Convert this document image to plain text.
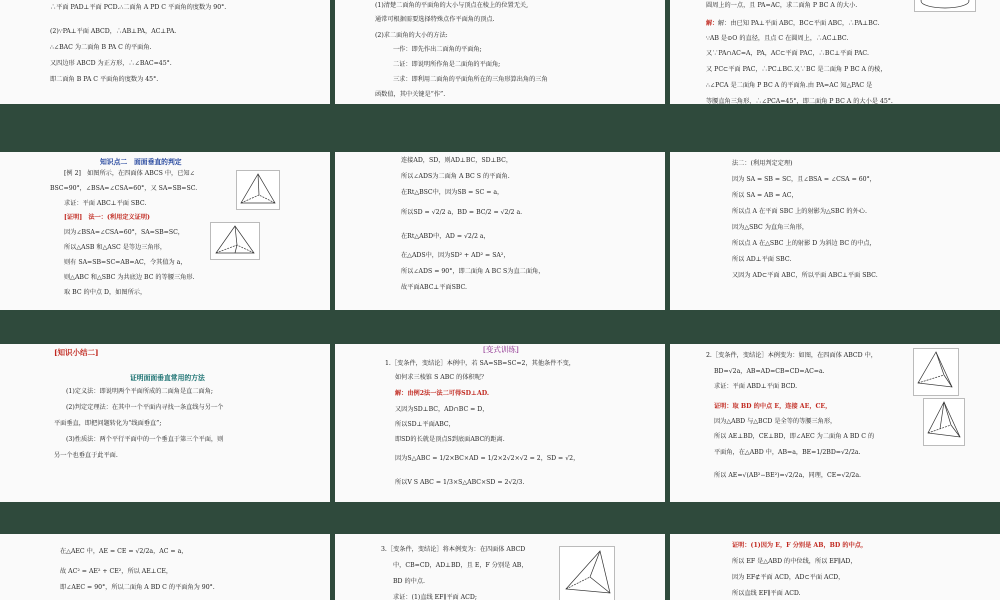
∴平面 PAD⊥平面 PCD.∴二面角 A PD C 平面角的度数为 90°.
(2)∵PA⊥平面 ABCD，∴AB⊥PA，AC⊥PA.
∴∠BAC 为二面角 B PA C 的平面角.
又四边形 ABCD 为正方形，∴∠BAC=45°.
即二面角 B PA C 平面角的度数为 45°.
(1)清楚二面角的平面角的大小与顶点在棱上的位置无关,
通常可根据需要选择特殊点作平面角的顶点.
(2)求二面角的大小的方法:
一作：即先作出二面角的平面角;
二证：即说明所作角是二面角的平面角;
三求：即利用二面角的平面角所在的三角形算出角的三角
函数值，其中关键是“作”.
圆周上的一点，且 PA=AC，求二面角 P BC A 的大小.
解： 解：由已知 PA⊥平面 ABC，BC⊂平面 ABC，∴PA⊥BC.
∵AB 是⊙O 的直径，且点 C 在圆周上，∴AC⊥BC.
又∵PA∩AC=A，PA，AC⊂平面 PAC，∴BC⊥平面 PAC.
又 PC⊂平面 PAC，∴PC⊥BC.又∵BC 是二面角 P BC A 的棱，
∴∠PCA 是二面角 P BC A 的平面角.由 PA=AC 知△PAC 是
等腰直角三角形，∴∠PCA=45°，即二面角 P BC A 的大小是 45°.
知识点二　面面垂直的判定
[例 2]　如图所示，在四面体 ABCS 中，已知∠
BSC=90°，∠BSA=∠CSA=60°，又 SA=SB=SC.
求证：平面 ABC⊥平面 SBC.
[证明]　法一：(利用定义证明)
因为∠BSA=∠CSA=60°，SA=SB=SC，
所以△ASB 和△ASC 是等边三角形，
则有 SA=SB=SC=AB=AC，令其值为 a，
则△ABC 和△SBC 为共底边 BC 的等腰三角形.
取 BC 的中点 D，如图所示，
连接AD，SD，则AD⊥BC，SD⊥BC，
所以∠ADS为二面角 A BC S 的平面角.
在Rt△BSC中，因为SB = SC = a，
所以SD = √2/2 a，BD = BC/2 = √2/2 a.
在Rt△ABD中，AD = √2/2 a，
在△ADS中，因为SD² + AD² = SA²，
所以∠ADS = 90°，即二面角 A BC S为直二面角，
故平面ABC⊥平面SBC.
法二：(利用判定定理)
因为 SA = SB = SC，且∠BSA = ∠CSA = 60°，
所以 SA = AB = AC，
所以点 A 在平面 SBC 上的射影为△SBC 的外心.
因为△SBC 为直角三角形，
所以点 A 在△SBC 上的射影 D 为斜边 BC 的中点，
所以 AD⊥平面 SBC.
又因为 AD⊂平面 ABC，所以平面 ABC⊥平面 SBC.
[知识小结二]
证明面面垂直常用的方法
(1)定义法：即说明两个平面所成的二面角是直二面角;
(2)判定定理法：在其中一个平面内寻找一条直线与另一个
平面垂直，即把问题转化为“线面垂直”;
(3)性质法：两个平行平面中的一个垂直于第三个平面，则
另一个也垂直于此平面.
[变式训练]
1.［变条件，变结论］本例中，若 SA=SB=SC=2，其他条件不变，
如何求三棱锥 S ABC 的体积呢？
解：由例2法一法二可得SD⊥AD.
又因为SD⊥BC，AD∩BC = D，
所以SD⊥平面ABC，
即SD的长就是顶点S到底面ABC的距离.
因为S△ABC = 1/2×BC×AD = 1/2×2√2×√2 = 2，SD = √2，
所以V S ABC = 1/3×S△ABC×SD = 2√2/3.
2.［变条件，变结论］本例变为：如图，在四面体 ABCD 中，
BD=√2a，AB=AD=CB=CD=AC=a.
求证：平面 ABD⊥平面 BCD.
证明：取 BD 的中点 E，连接 AE，CE，
因为△ABD 与△BCD 是全等的等腰三角形，
所以 AE⊥BD，CE⊥BD，即∠AEC 为二面角 A BD C 的
平面角，在△ABD 中，AB=a，BE=1/2BD=√2/2a.
所以 AE=√(AB²−BE²)=√2/2a，同理，CE=√2/2a.
在△AEC 中，AE = CE = √2/2a，AC = a，
故 AC² = AE² + CE²，所以 AE⊥CE，
即∠AEC = 90°，所以二面角 A BD C 的平面角为 90°.
3.［变条件，变结论］将本例变为：在四面体 ABCD
中，CB=CD，AD⊥BD，且 E，F 分别是 AB，
BD 的中点.
求证：(1)直线 EF∥平面 ACD;
证明：(1)因为 E，F 分别是 AB，BD 的中点，
所以 EF 是△ABD 的中位线，所以 EF∥AD，
因为 EF⊄平面 ACD，AD⊂平面 ACD，
所以直线 EF∥平面 ACD.
